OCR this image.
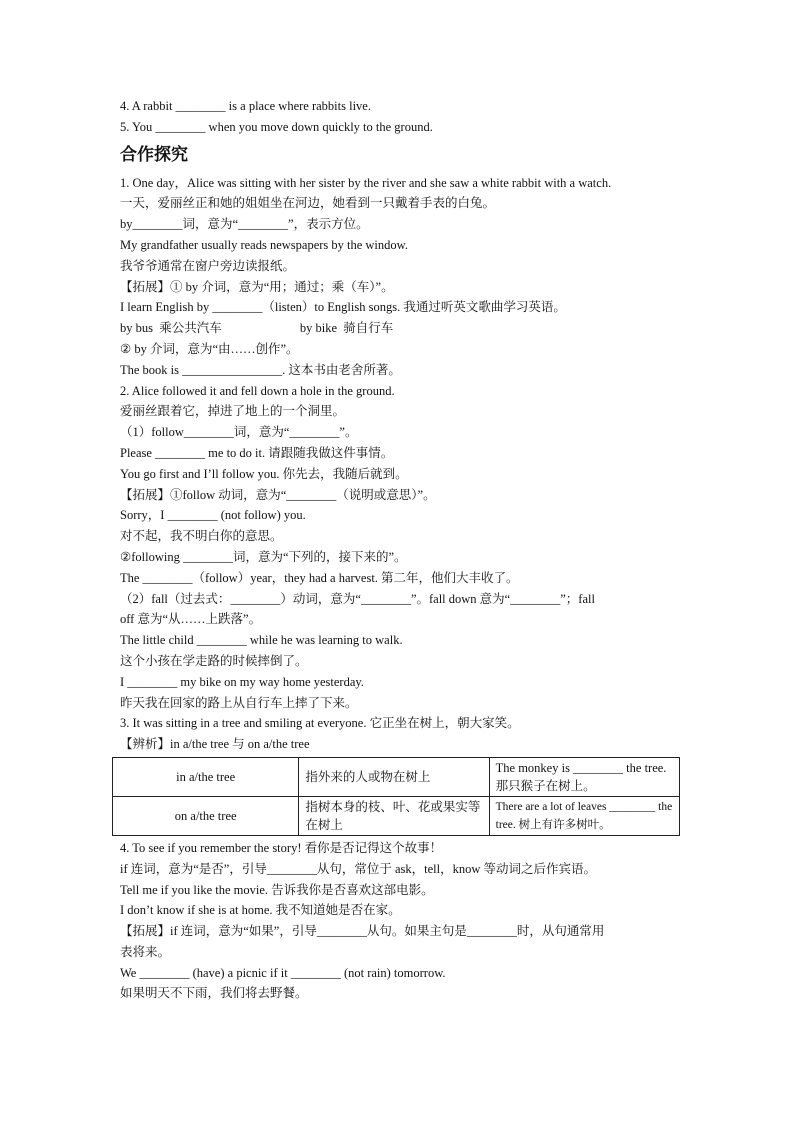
4. A rabbit ________ is a place where rabbits live.
5. You ________ when you move down quickly to the ground.
合作探究
1. One day，Alice was sitting with her sister by the river and she saw a white rabbit with a watch.
一天，爱丽丝正和她的姐姐坐在河边，她看到一只戴着手表的白兔。
by________词，意为“________”，表示方位。
My grandfather usually reads newspapers by the window.
我爷爷通常在窗户旁边读报纸。
【拓展】① by 介词，意为“用；通过；乘（车）”。
I learn English by ________（listen）to English songs. 我通过听英文歌曲学习英语。
by bus  乘公共汽车                         by bike  骑自行车
② by 介词，意为“由……创作”。
The book is ________________. 这本书由老舍所著。
2. Alice followed it and fell down a hole in the ground.
爱丽丝跟着它，掉进了地上的一个洞里。
（1）follow________词，意为“________”。
Please ________ me to do it. 请跟随我做这件事情。
You go first and I’ll follow you. 你先去，我随后就到。
【拓展】①follow 动词，意为“________（说明或意思）”。
Sorry，I ________ (not follow) you.
对不起，我不明白你的意思。
②following ________词，意为“下列的，接下来的”。
The ________（follow）year，they had a harvest. 第二年，他们大丰收了。
（2）fall（过去式：________）动词，意为“________”。fall down 意为“________”；fall
off 意为“从……上跌落”。
The little child ________ while he was learning to walk.
这个小孩在学走路的时候摔倒了。
I ________ my bike on my way home yesterday.
昨天我在回家的路上从自行车上摔了下来。
3. It was sitting in a tree and smiling at everyone. 它正坐在树上，朝大家笑。
【辨析】in a/the tree 与 on a/the tree
in a/the tree	指外来的人或物在树上	The monkey is ________ the tree. 那只猴子在树上。
on a/the tree	指树本身的枝、叶、花或果实等在树上	There are a lot of leaves ________ the tree. 树上有许多树叶。
4. To see if you remember the story! 看你是否记得这个故事！
if 连词，意为“是否”，引导________从句，常位于 ask，tell，know 等动词之后作宾语。
Tell me if you like the movie. 告诉我你是否喜欢这部电影。
I don’t know if she is at home. 我不知道她是否在家。
【拓展】if 连词，意为“如果”，引导________从句。如果主句是________时，从句通常用
表将来。
We ________ (have) a picnic if it ________ (not rain) tomorrow.
如果明天不下雨，我们将去野餐。
